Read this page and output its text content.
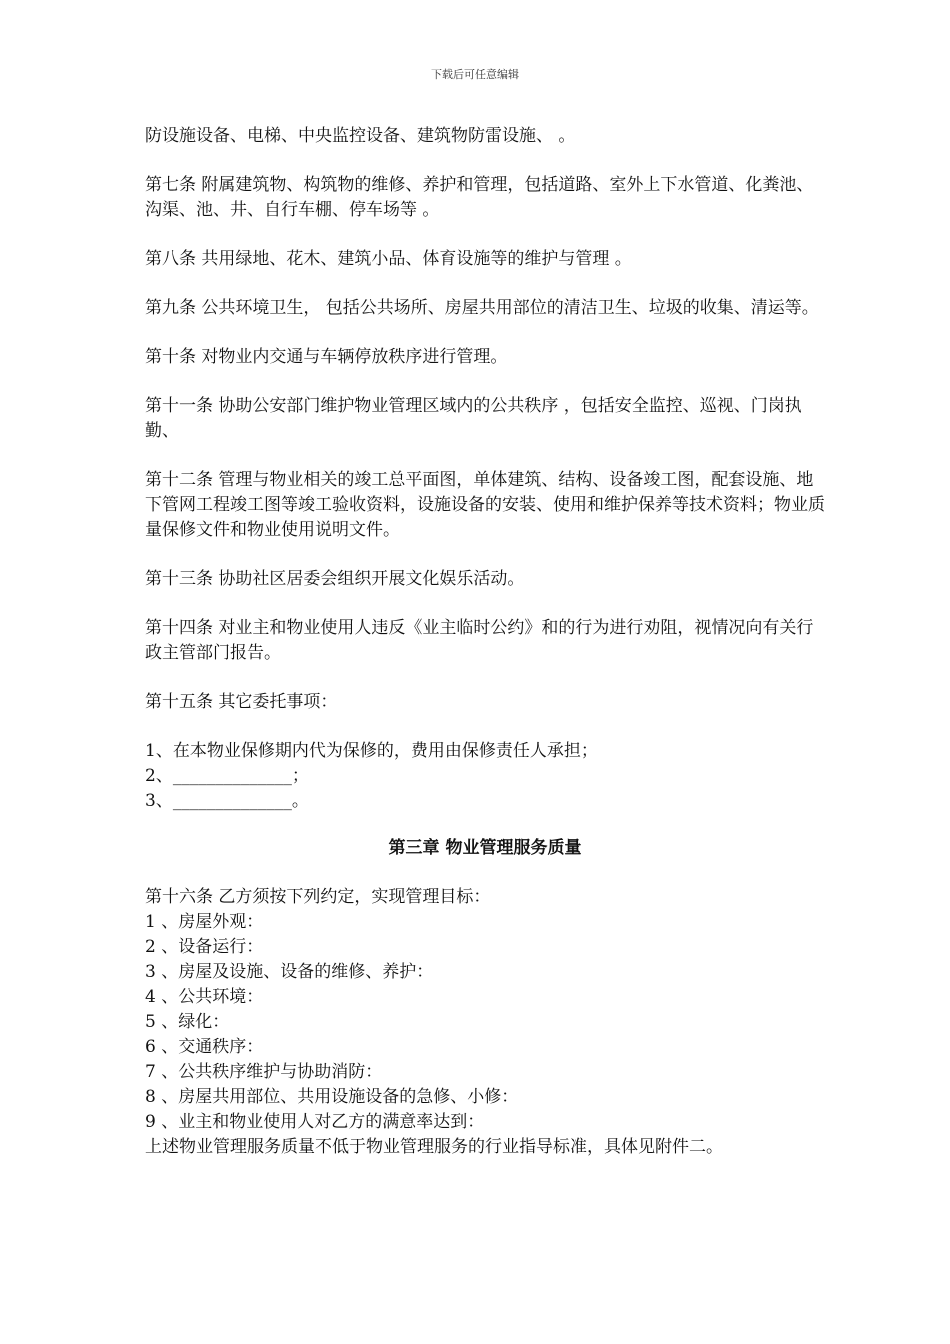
下载后可任意编辑

防设施设备、电梯、中央监控设备、建筑物防雷设施、 。

第七条 附属建筑物、构筑物的维修、养护和管理，包括道路、室外上下水管道、化粪池、沟渠、池、井、自行车棚、停车场等 。

第八条 共用绿地、花木、建筑小品、体育设施等的维护与管理 。

第九条 公共环境卫生， 包括公共场所、房屋共用部位的清洁卫生、垃圾的收集、清运等。

第十条 对物业内交通与车辆停放秩序进行管理。

第十一条 协助公安部门维护物业管理区域内的公共秩序 ，包括安全监控、巡视、门岗执勤、

第十二条 管理与物业相关的竣工总平面图，单体建筑、结构、设备竣工图，配套设施、地下管网工程竣工图等竣工验收资料，设施设备的安装、使用和维护保养等技术资料；物业质量保修文件和物业使用说明文件。

第十三条 协助社区居委会组织开展文化娱乐活动。

第十四条 对业主和物业使用人违反《业主临时公约》和的行为进行劝阻，视情况向有关行政主管部门报告。

第十五条 其它委托事项：

1、在本物业保修期内代为保修的，费用由保修责任人承担；

2、______________；

3、______________。

第三章 物业管理服务质量

第十六条 乙方须按下列约定，实现管理目标：

1 、房屋外观：

2 、设备运行：

3 、房屋及设施、设备的维修、养护：

4 、公共环境：

5 、绿化：

6 、交通秩序：

7 、公共秩序维护与协助消防：

8 、房屋共用部位、共用设施设备的急修、小修：

9 、业主和物业使用人对乙方的满意率达到：

上述物业管理服务质量不低于物业管理服务的行业指导标准，具体见附件二。
